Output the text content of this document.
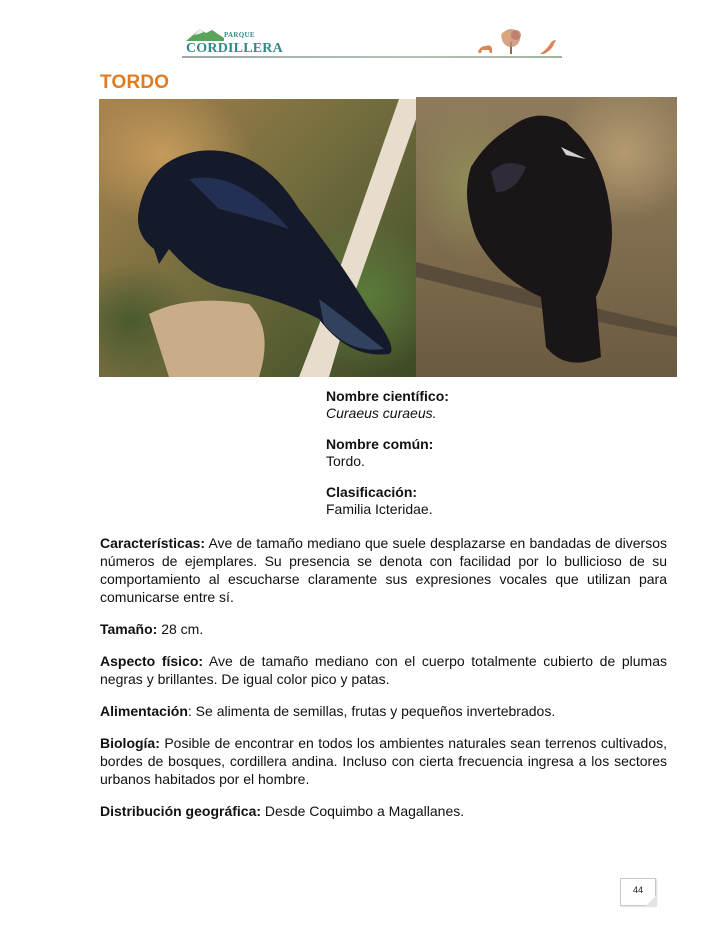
PARQUE
CORDILLERA
TORDO
Nombre científico:
Curaeus curaeus.
Nombre común:
Tordo.
Clasificación:
Familia Icteridae.

Características: Ave de tamaño mediano que suele desplazarse en bandadas de diversos números de ejemplares. Su presencia se denota con facilidad por lo bullicioso de su comportamiento al escucharse claramente sus expresiones vocales que utilizan para comunicarse entre sí.

Tamaño: 28 cm.

Aspecto físico: Ave de tamaño mediano con el cuerpo totalmente cubierto de plumas negras y brillantes. De igual color pico y patas.

Alimentación: Se alimenta de semillas, frutas y pequeños invertebrados.

Biología: Posible de encontrar en todos los ambientes naturales sean terrenos cultivados, bordes de bosques, cordillera andina. Incluso con cierta frecuencia ingresa a los sectores urbanos habitados por el hombre.

Distribución geográfica: Desde Coquimbo a Magallanes.

44
